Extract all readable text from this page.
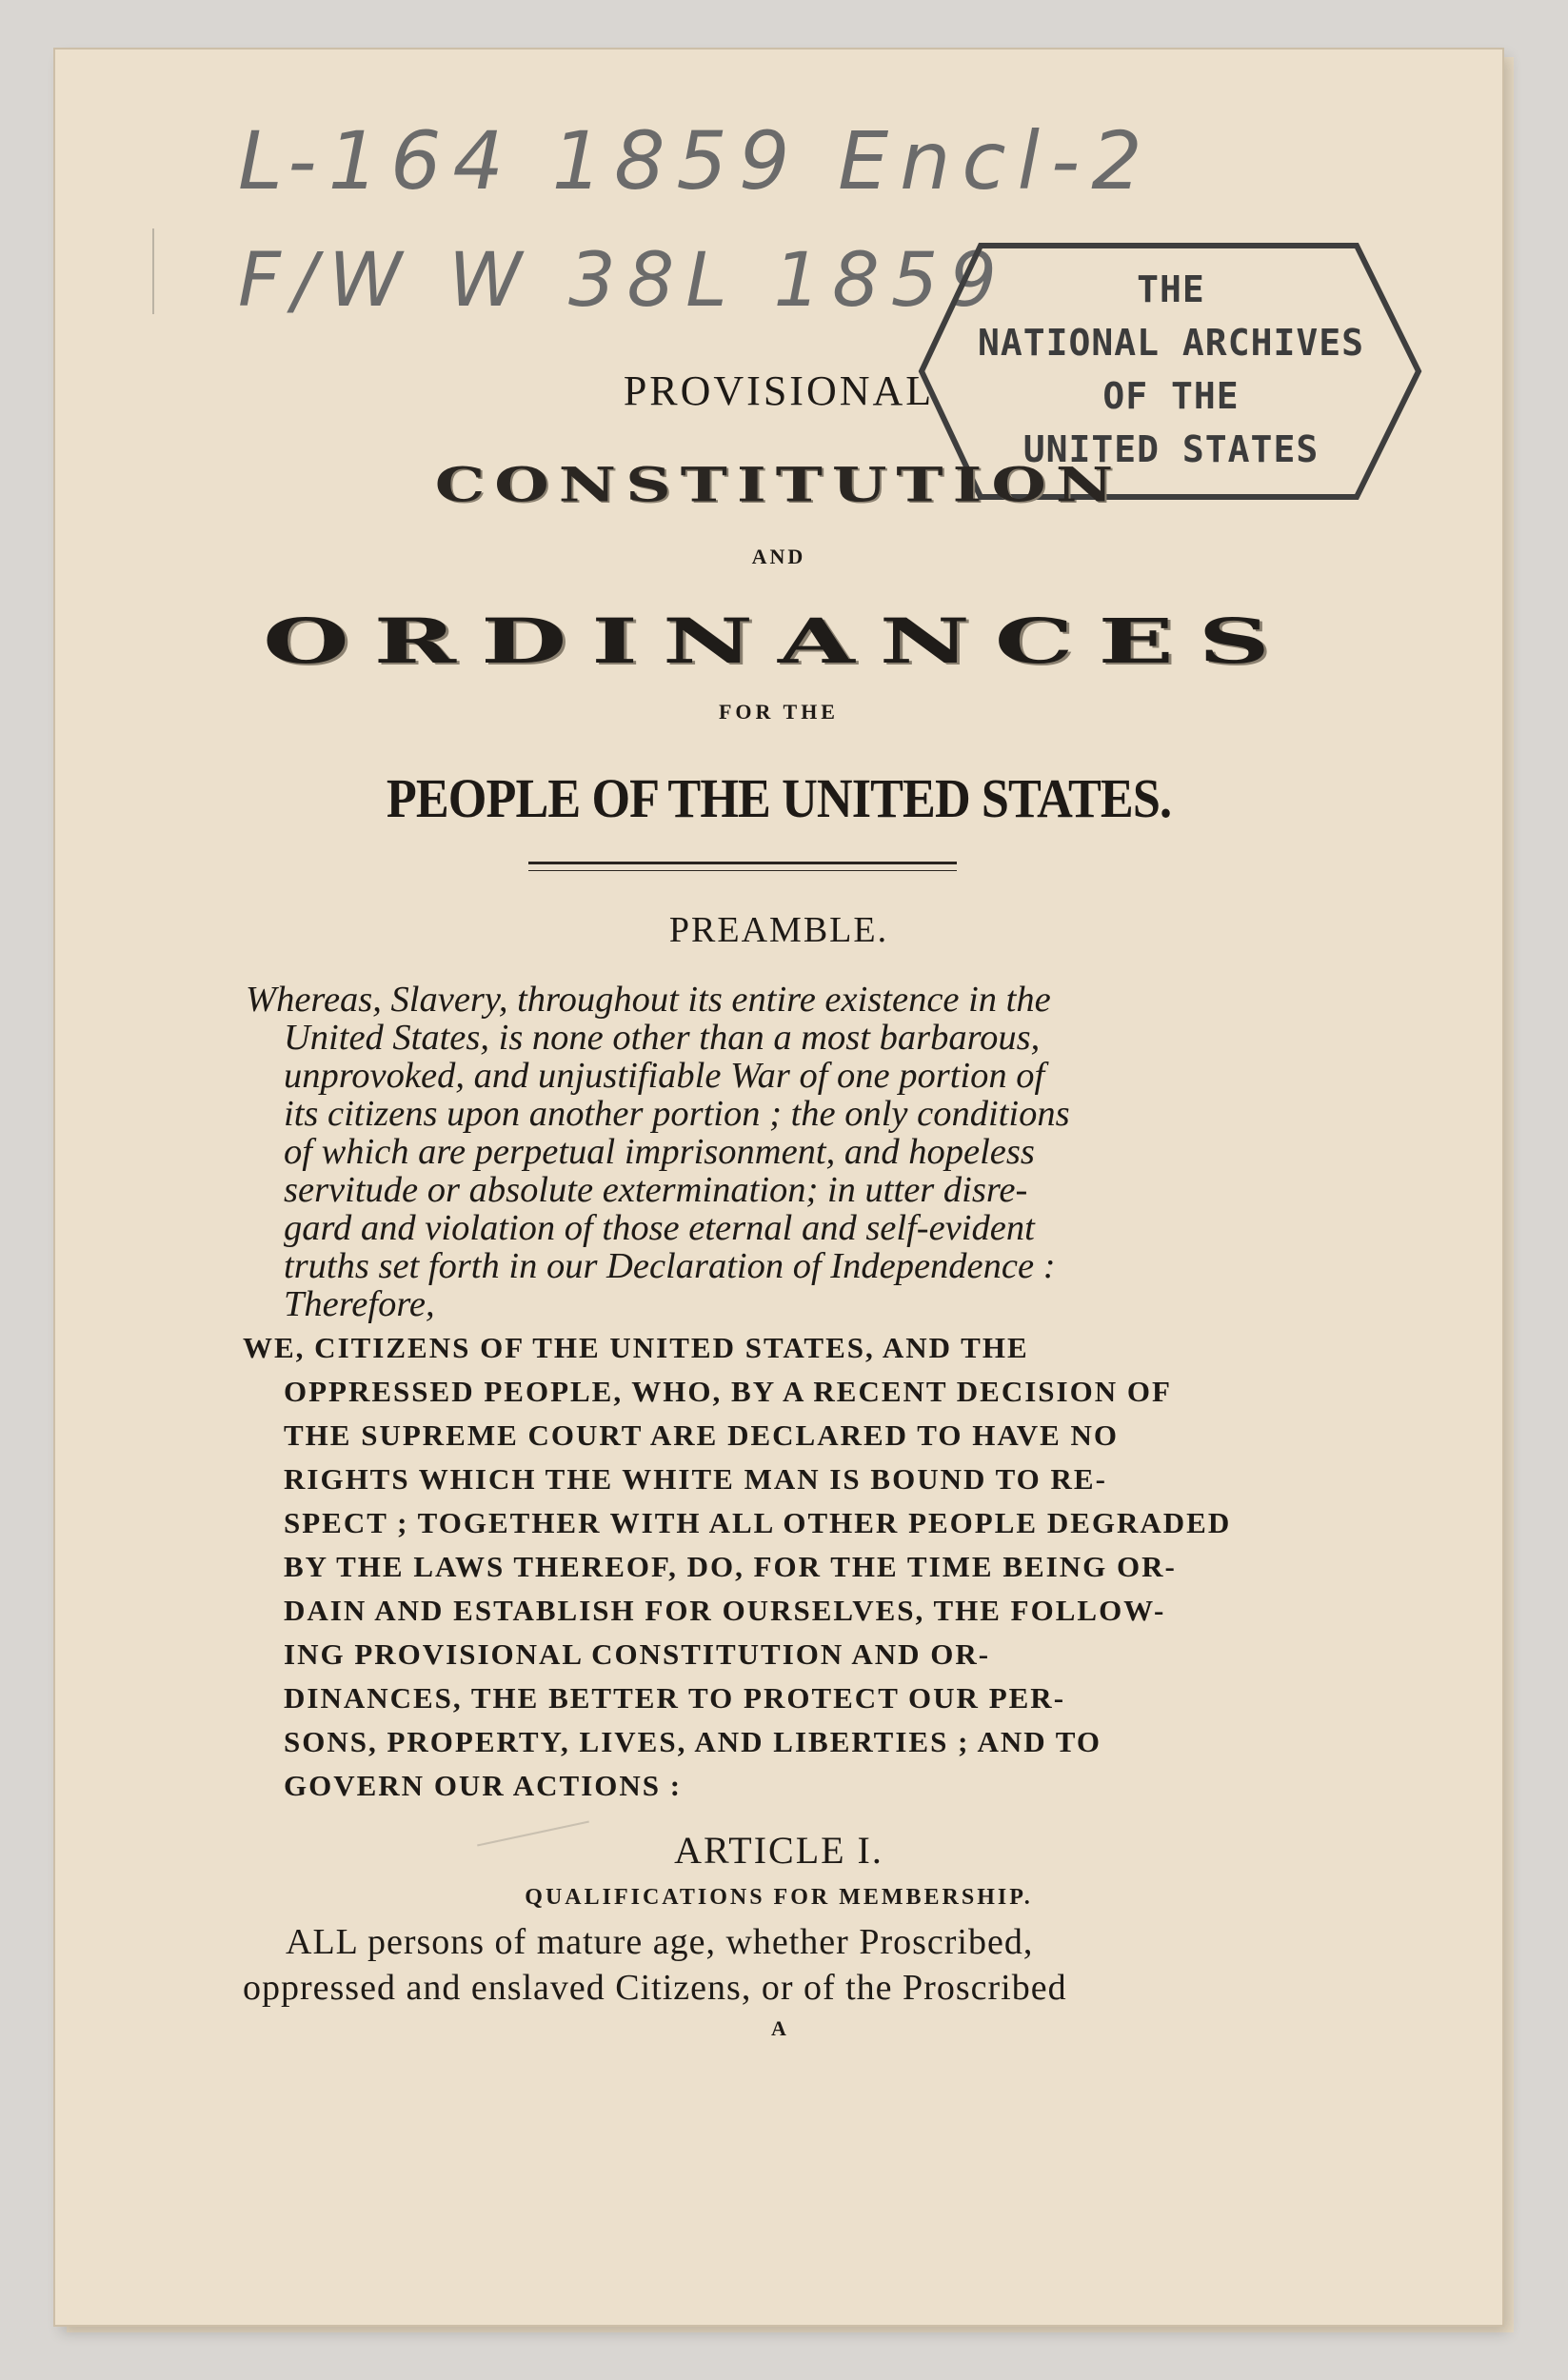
L-164 1859 Encl-2
F/W W 38L 1859	THE
NATIONAL ARCHIVES
OF THE
UNITED STATES
PROVISIONAL
CONSTITUTION
AND
ORDINANCES
FOR THE
PEOPLE OF THE UNITED STATES.
PREAMBLE.
Whereas, Slavery, throughout its entire existence in the
United States, is none other than a most barbarous,
unprovoked, and unjustifiable War of one portion of
its citizens upon another portion ; the only conditions
of which are perpetual imprisonment, and hopeless
servitude or absolute extermination; in utter disre-
gard and violation of those eternal and self-evident
truths set forth in our Declaration of Independence :
Therefore,
WE, CITIZENS OF THE UNITED STATES, AND THE
OPPRESSED PEOPLE, WHO, BY A RECENT DECISION OF
THE SUPREME COURT ARE DECLARED TO HAVE NO
RIGHTS WHICH THE WHITE MAN IS BOUND TO RE-
SPECT ; TOGETHER WITH ALL OTHER PEOPLE DEGRADED
BY THE LAWS THEREOF, DO, FOR THE TIME BEING OR-
DAIN AND ESTABLISH FOR OURSELVES, THE FOLLOW-
ING PROVISIONAL CONSTITUTION AND OR-
DINANCES, THE BETTER TO PROTECT OUR PER-
SONS, PROPERTY, LIVES, AND LIBERTIES ; AND TO
GOVERN OUR ACTIONS :
ARTICLE I.
QUALIFICATIONS FOR MEMBERSHIP.
ALL persons of mature age, whether Proscribed,
oppressed and enslaved Citizens, or of the Proscribed
A
